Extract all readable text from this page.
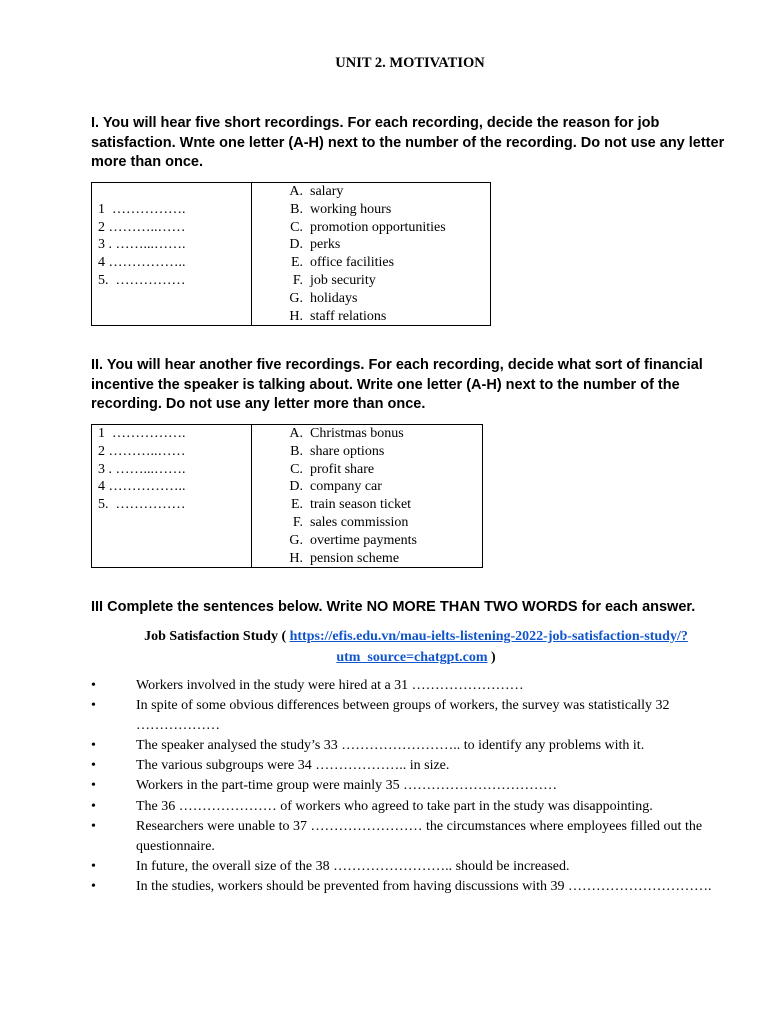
UNIT 2. MOTIVATION
I. You will hear five short recordings. For each recording, decide the reason for job satisfaction. Wnte one letter (A-H) next to the number of the recording. Do not use any letter more than once.
1  …………….
2 ………..……
3 . ……...…….
4 ……………..
5.  ……………

A. salary
B. working hours
C. promotion opportunities
D. perks
E. office facilities
F. job security
G. holidays
H. staff relations
II. You will hear another five recordings. For each recording, decide what sort of financial incentive the speaker is talking about. Write one letter (A-H) next to the number of the recording. Do not use any letter more than once.
1  …………….
2 ………..……
3 . ……...…….
4 ……………..
5.  ……………

A. Christmas bonus
B. share options
C. profit share
D. company car
E. train season ticket
F. sales commission
G. overtime payments
H. pension scheme
III Complete the sentences below. Write NO MORE THAN TWO WORDS for each answer.
Job Satisfaction Study ( https://efis.edu.vn/mau-ielts-listening-2022-job-satisfaction-study/?utm_source=chatgpt.com )
•	Workers involved in the study were hired at a 31 ……………………
•	In spite of some obvious differences between groups of workers, the survey was statistically 32 ………………
•	The speaker analysed the study’s 33 …………………….. to identify any problems with it.
•	The various subgroups were 34 ……………….. in size.
•	Workers in the part-time group were mainly 35 ……………………………
•	The 36 ………………… of workers who agreed to take part in the study was disappointing.
•	Researchers were unable to 37 …………………… the circumstances where employees filled out the questionnaire.
•	In future, the overall size of the 38 …………………….. should be increased.
•	In the studies, workers should be prevented from having discussions with 39 ………………………….
